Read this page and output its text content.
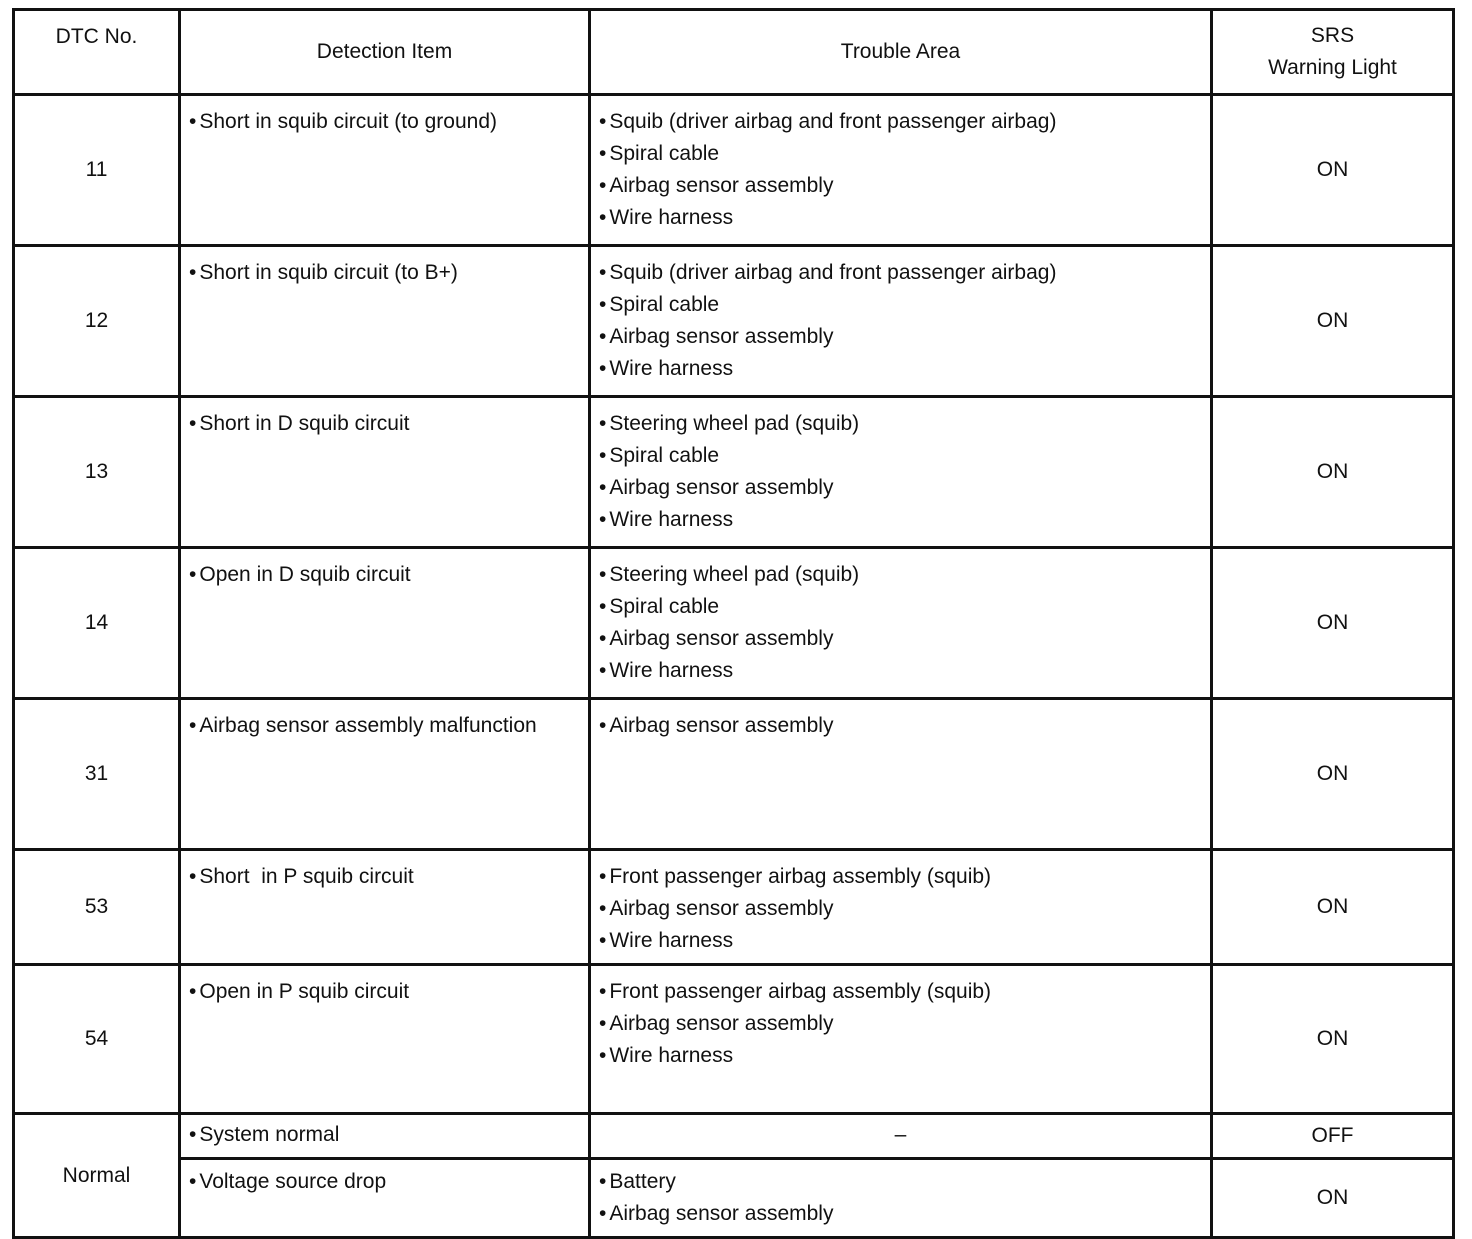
DTC No.	Detection Item	Trouble Area	SRS
Warning Light

11	• Short in squib circuit (to ground)	• Squib (driver airbag and front passenger airbag)
• Spiral cable
• Airbag sensor assembly
• Wire harness	ON
12	• Short in squib circuit (to B+)	• Squib (driver airbag and front passenger airbag)
• Spiral cable
• Airbag sensor assembly
• Wire harness	ON
13	• Short in D squib circuit	• Steering wheel pad (squib)
• Spiral cable
• Airbag sensor assembly
• Wire harness	ON
14	• Open in D squib circuit	• Steering wheel pad (squib)
• Spiral cable
• Airbag sensor assembly
• Wire harness	ON
31	• Airbag sensor assembly malfunction	• Airbag sensor assembly	ON
53	• Short  in P squib circuit	• Front passenger airbag assembly (squib)
• Airbag sensor assembly
• Wire harness	ON
54	• Open in P squib circuit	• Front passenger airbag assembly (squib)
• Airbag sensor assembly
• Wire harness	ON
Normal	• System normal	–	OFF
	• Voltage source drop	• Battery
• Airbag sensor assembly	ON
